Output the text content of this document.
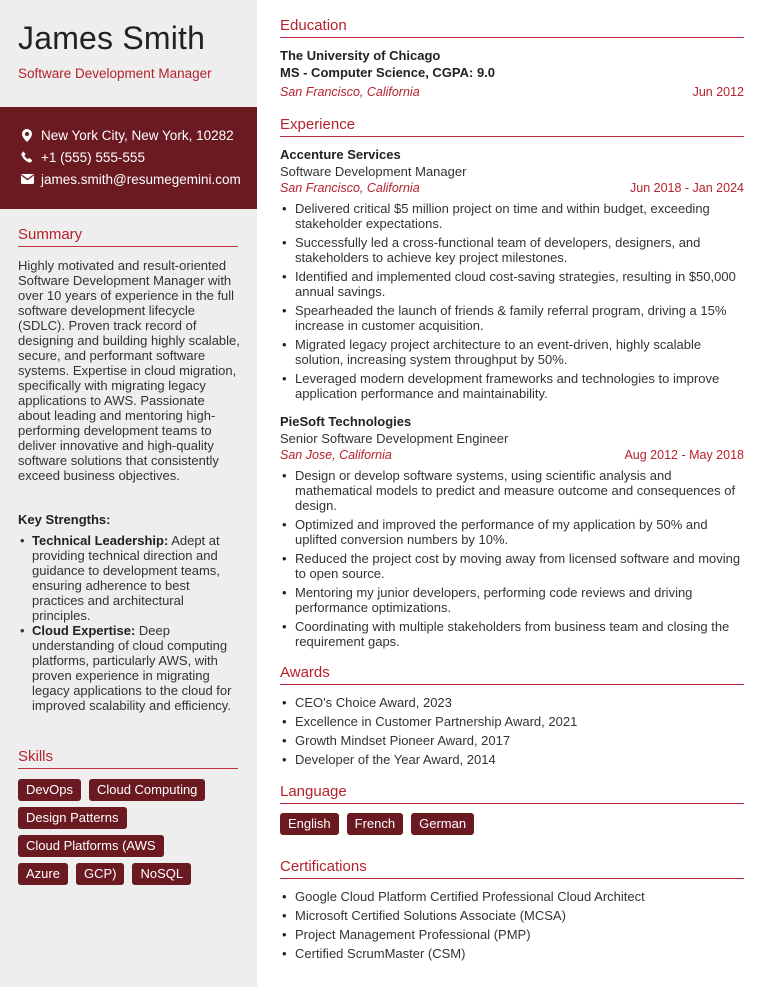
James Smith
Software Development Manager
New York City, New York, 10282
+1 (555) 555-555
james.smith@resumegemini.com
Summary
Highly motivated and result-oriented Software Development Manager with over 10 years of experience in the full software development lifecycle (SDLC). Proven track record of designing and building highly scalable, secure, and performant software systems. Expertise in cloud migration, specifically with migrating legacy applications to AWS. Passionate about leading and mentoring high-performing development teams to deliver innovative and high-quality software solutions that consistently exceed business objectives.
Key Strengths:
• Technical Leadership: Adept at providing technical direction and guidance to development teams, ensuring adherence to best practices and architectural principles.
• Cloud Expertise: Deep understanding of cloud computing platforms, particularly AWS, with proven experience in migrating legacy applications to the cloud for improved scalability and efficiency.
Skills
DevOps	Cloud Computing
Design Patterns
Cloud Platforms (AWS
Azure	GCP)	NoSQL
Education
The University of Chicago
MS - Computer Science, CGPA: 9.0
San Francisco, California	Jun 2012
Experience
Accenture Services
Software Development Manager
San Francisco, California	Jun 2018 - Jan 2024
• Delivered critical $5 million project on time and within budget, exceeding stakeholder expectations.
• Successfully led a cross-functional team of developers, designers, and stakeholders to achieve key project milestones.
• Identified and implemented cloud cost-saving strategies, resulting in $50,000 annual savings.
• Spearheaded the launch of friends & family referral program, driving a 15% increase in customer acquisition.
• Migrated legacy project architecture to an event-driven, highly scalable solution, increasing system throughput by 50%.
• Leveraged modern development frameworks and technologies to improve application performance and maintainability.
PieSoft Technologies
Senior Software Development Engineer
San Jose, California	Aug 2012 - May 2018
• Design or develop software systems, using scientific analysis and mathematical models to predict and measure outcome and consequences of design.
• Optimized and improved the performance of my application by 50% and uplifted conversion numbers by 10%.
• Reduced the project cost by moving away from licensed software and moving to open source.
• Mentoring my junior developers, performing code reviews and driving performance optimizations.
• Coordinating with multiple stakeholders from business team and closing the requirement gaps.
Awards
• CEO's Choice Award, 2023
• Excellence in Customer Partnership Award, 2021
• Growth Mindset Pioneer Award, 2017
• Developer of the Year Award, 2014
Language
English	French	German
Certifications
• Google Cloud Platform Certified Professional Cloud Architect
• Microsoft Certified Solutions Associate (MCSA)
• Project Management Professional (PMP)
• Certified ScrumMaster (CSM)
